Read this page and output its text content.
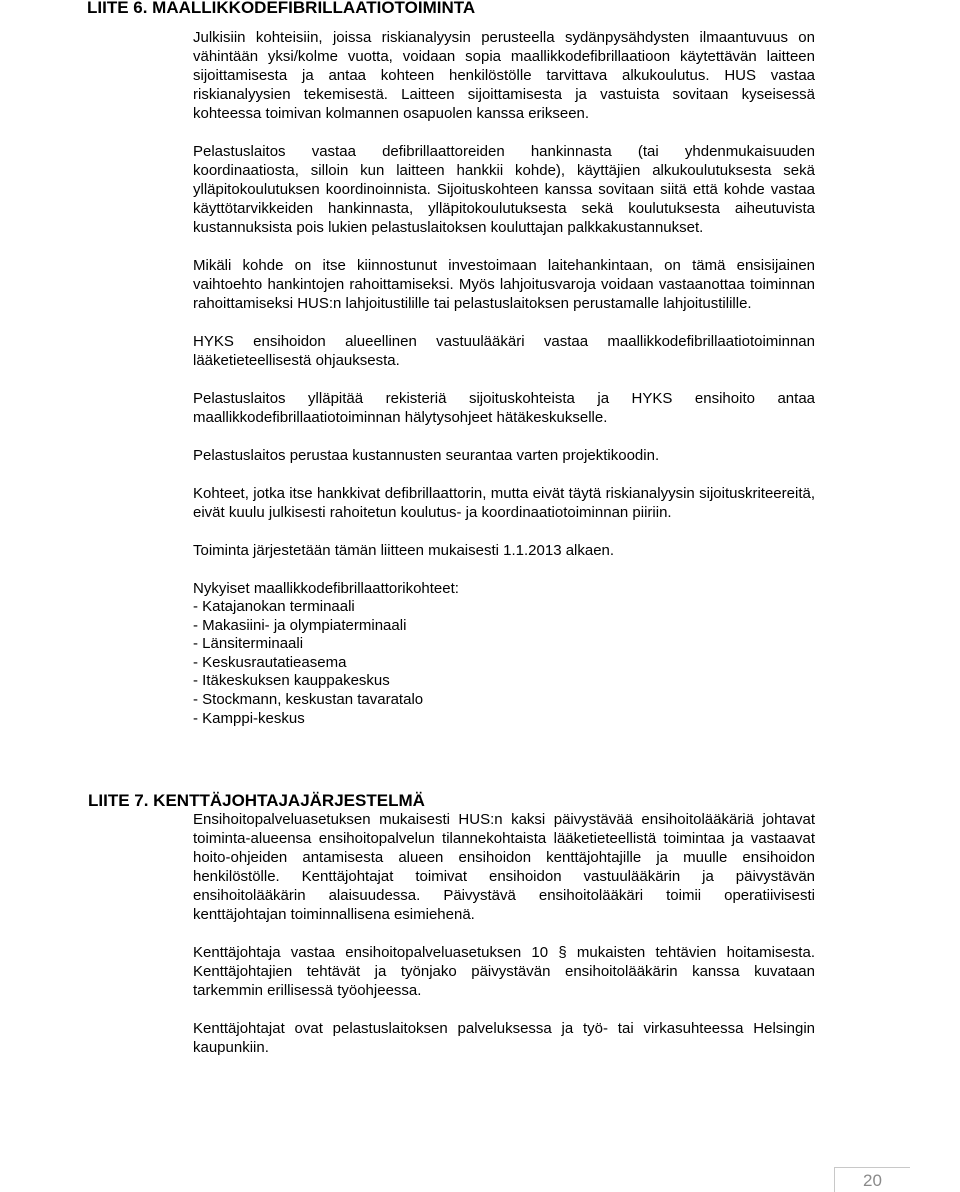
LIITE 6. MAALLIKKODEFIBRILLAATIOTOIMINTA

Julkisiin kohteisiin, joissa riskianalyysin perusteella sydänpysähdysten ilmaantuvuus on vähintään yksi/kolme vuotta, voidaan sopia maallikkodefibrillaatioon käytettävän laitteen sijoittamisesta ja antaa kohteen henkilöstölle tarvittava alkukoulutus. HUS vastaa riskianalyysien tekemisestä. Laitteen sijoittamisesta ja vastuista sovitaan kyseisessä kohteessa toimivan kolmannen osapuolen kanssa erikseen.

Pelastuslaitos vastaa defibrillaattoreiden hankinnasta (tai yhdenmukaisuuden koordinaatiosta, silloin kun laitteen hankkii kohde), käyttäjien alkukoulutuksesta sekä ylläpitokoulutuksen koordinoinnista. Sijoituskohteen kanssa sovitaan siitä että kohde vastaa käyttötarvikkeiden hankinnasta, ylläpitokoulutuksesta sekä koulutuksesta aiheutuvista kustannuksista pois lukien pelastuslaitoksen kouluttajan palkkakustannukset.

Mikäli kohde on itse kiinnostunut investoimaan laitehankintaan, on tämä ensisijainen vaihtoehto hankintojen rahoittamiseksi. Myös lahjoitusvaroja voidaan vastaanottaa toiminnan rahoittamiseksi HUS:n lahjoitustilille tai pelastuslaitoksen perustamalle lahjoitustilille.

HYKS ensihoidon alueellinen vastuulääkäri vastaa maallikkodefibrillaatiotoiminnan lääketieteellisestä ohjauksesta.

Pelastuslaitos ylläpitää rekisteriä sijoituskohteista ja HYKS ensihoito antaa maallikkodefibrillaatiotoiminnan hälytysohjeet hätäkeskukselle.

Pelastuslaitos perustaa kustannusten seurantaa varten projektikoodin.

Kohteet, jotka itse hankkivat defibrillaattorin, mutta eivät täytä riskianalyysin sijoituskriteereitä, eivät kuulu julkisesti rahoitetun koulutus- ja koordinaatiotoiminnan piiriin.

Toiminta järjestetään tämän liitteen mukaisesti 1.1.2013 alkaen.

Nykyiset maallikkodefibrillaattorikohteet:

- Katajanokan terminaali
- Makasiini- ja olympiaterminaali
- Länsiterminaali
- Keskusrautatieasema
- Itäkeskuksen kauppakeskus
- Stockmann, keskustan tavaratalo
- Kamppi-keskus
LIITE 7. KENTTÄJOHTAJAJÄRJESTELMÄ

Ensihoitopalveluasetuksen mukaisesti HUS:n kaksi päivystävää ensihoitolääkäriä johtavat toiminta-alueensa ensihoitopalvelun tilannekohtaista lääketieteellistä toimintaa ja vastaavat hoito-ohjeiden antamisesta alueen ensihoidon kenttäjohtajille ja muulle ensihoidon henkilöstölle. Kenttäjohtajat toimivat ensihoidon vastuulääkärin ja päivystävän ensihoitolääkärin alaisuudessa. Päivystävä ensihoitolääkäri toimii operatiivisesti kenttäjohtajan toiminnallisena esimiehenä.

Kenttäjohtaja vastaa ensihoitopalveluasetuksen 10 § mukaisten tehtävien hoitamisesta. Kenttäjohtajien tehtävät ja työnjako päivystävän ensihoitolääkärin kanssa kuvataan tarkemmin erillisessä työohjeessa.

Kenttäjohtajat ovat pelastuslaitoksen palveluksessa ja työ- tai virkasuhteessa Helsingin kaupunkiin.

20
